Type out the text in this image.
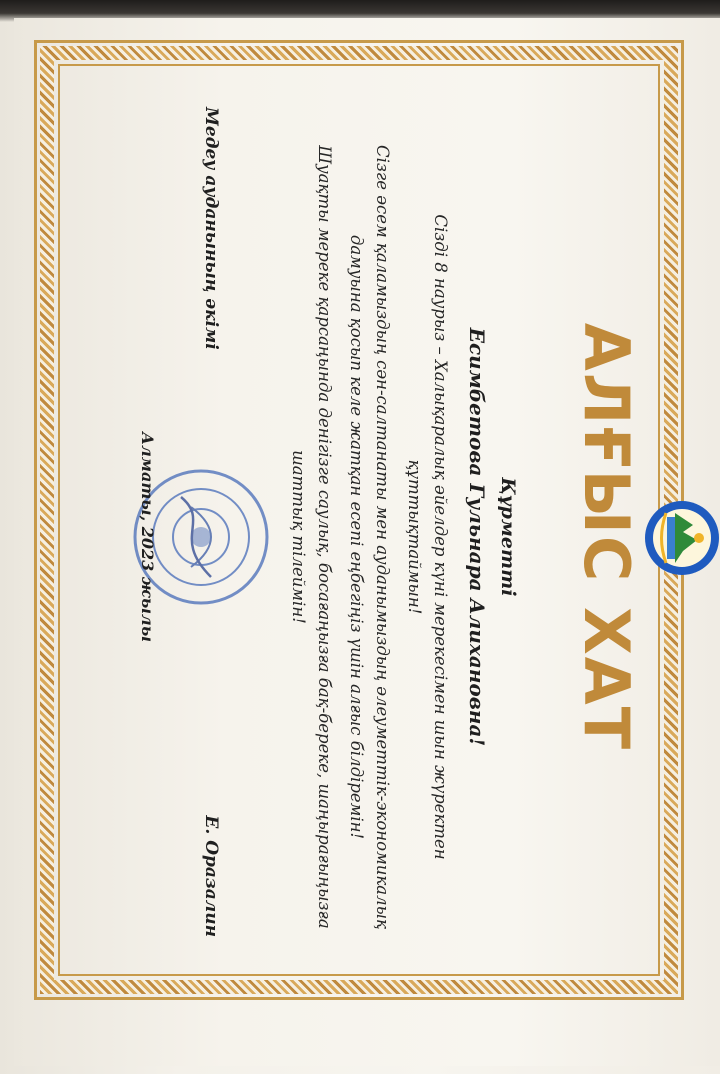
АЛҒЫС ХАТ
Құрметті
Есимбетова Гульнара Алихановна!
Сізді 8 наурыз – Халықаралық әйелдер күні мерекесімен шын жүректен құттықтаймын!
Сізге әсем қаламыздың сән-салтанаты мен ауданымыздың әлеуметтік-экономикалық дамуына қосып келе жатқан есепі еңбегіңіз үшін алғыс білдіремін!
Шуақты мереке қарсаңында денігізге саулық, босағаңызға бақ-береке, шаңырағыңызға шаттық тілеймін!
Медеу ауданының әкімі
Е. Оразалин
Алматы, 2023 жылы
